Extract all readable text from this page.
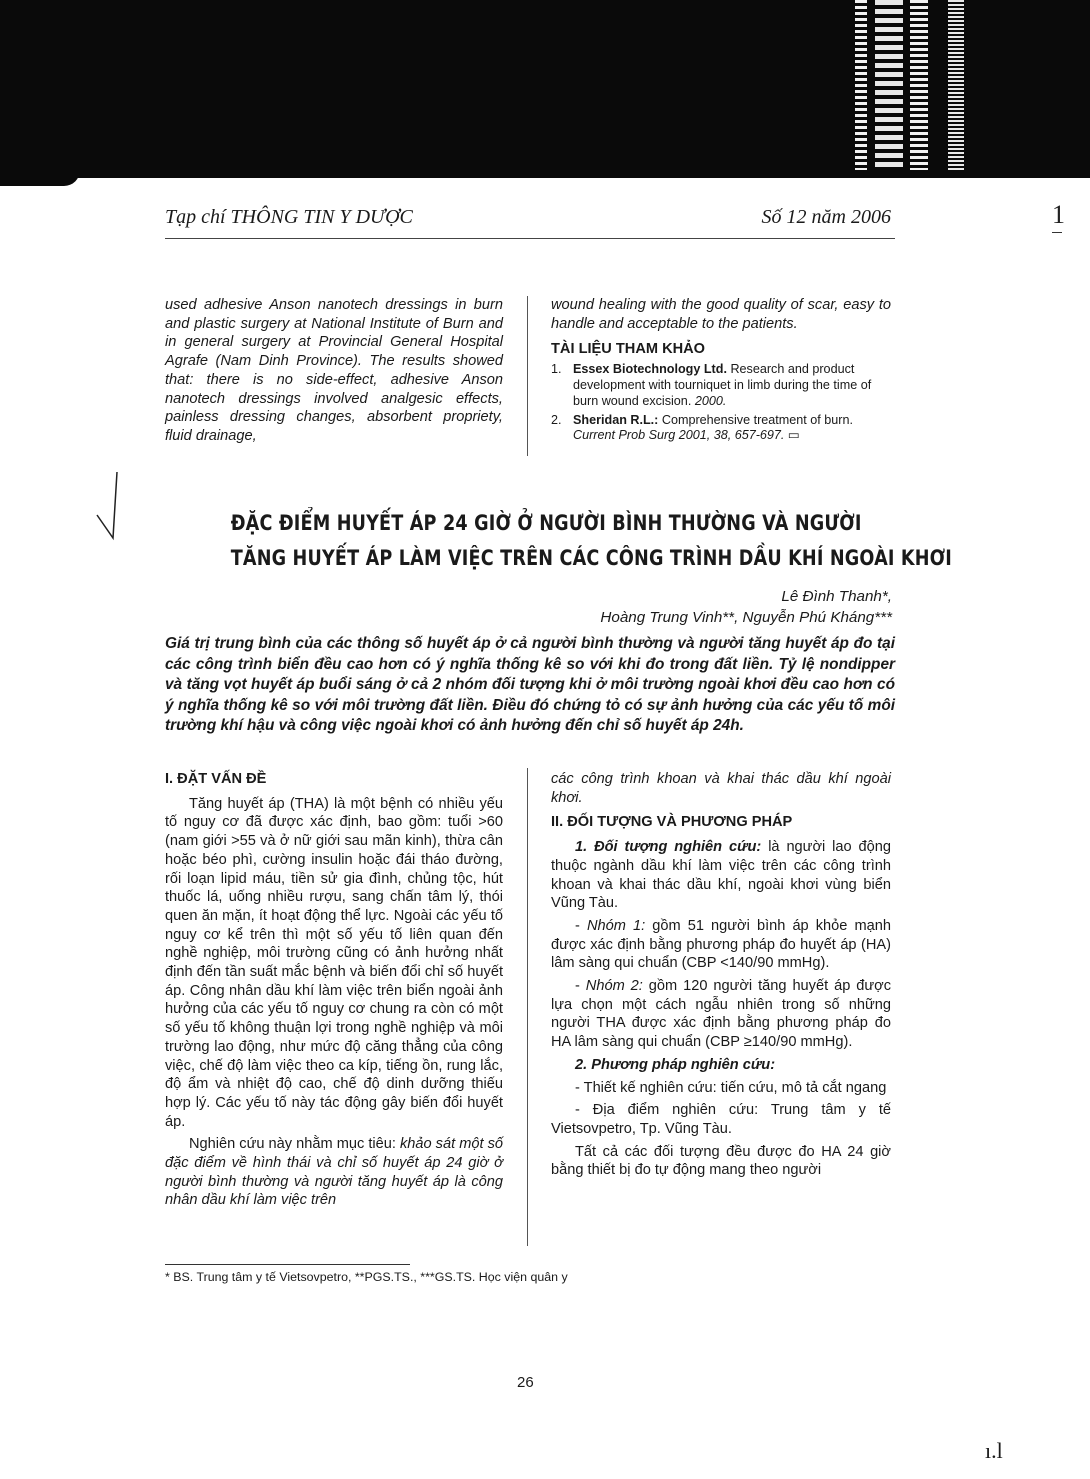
Tạp chí THÔNG TIN Y DƯỢC	Số 12 năm 2006	1

used adhesive Anson nanotech dressings in burn and plastic surgery at National Institute of Burn and in general surgery at Provincial General Hospital Agrafe (Nam Dinh Province). The results showed that: there is no side-effect, adhesive Anson nanotech dressings involved analgesic effects, painless dressing changes, absorbent propriety, fluid drainage,

wound healing with the good quality of scar, easy to handle and acceptable to the patients.

TÀI LIỆU THAM KHẢO

1. Essex Biotechnology Ltd. Research and product development with tourniquet in limb during the time of burn wound excision. 2000.

2. Sheridan R.L.: Comprehensive treatment of burn. Current Prob Surg 2001, 38, 657-697. ▭

ĐẶC ĐIỂM HUYẾT ÁP 24 GIỜ Ở NGƯỜI BÌNH THƯỜNG VÀ NGƯỜI
TĂNG HUYẾT ÁP LÀM VIỆC TRÊN CÁC CÔNG TRÌNH DẦU KHÍ NGOÀI KHƠI
Lê Đình Thanh*,
Hoàng Trung Vinh**, Nguyễn Phú Kháng***
Giá trị trung bình của các thông số huyết áp ở cả người bình thường và người tăng huyết áp đo tại các công trình biển đều cao hơn có ý nghĩa thống kê so với khi đo trong đất liền. Tỷ lệ nondipper và tăng vọt huyết áp buổi sáng ở cả 2 nhóm đối tượng khi ở môi trường ngoài khơi đều cao hơn có ý nghĩa thống kê so với môi trường đất liền. Điều đó chứng tỏ có sự ảnh hưởng của các yếu tố môi trường khí hậu và công việc ngoài khơi có ảnh hưởng đến chỉ số huyết áp 24h.

I. ĐẶT VẤN ĐỀ

Tăng huyết áp (THA) là một bệnh có nhiều yếu tố nguy cơ đã được xác định, bao gồm: tuổi >60 (nam giới >55 và ở nữ giới sau mãn kinh), thừa cân hoặc béo phì, cường insulin hoặc đái tháo đường, rối loạn lipid máu, tiền sử gia đình, chủng tộc, hút thuốc lá, uống nhiều rượu, sang chấn tâm lý, thói quen ăn mặn, ít hoạt động thể lực. Ngoài các yếu tố nguy cơ kể trên thì một số yếu tố liên quan đến nghề nghiệp, môi trường cũng có ảnh hưởng nhất định đến tần suất mắc bệnh và biến đổi chỉ số huyết áp. Công nhân dầu khí làm việc trên biển ngoài ảnh hưởng của các yếu tố nguy cơ chung ra còn có một số yếu tố không thuận lợi trong nghề nghiệp và môi trường lao động, như mức độ căng thẳng của công việc, chế độ làm việc theo ca kíp, tiếng ồn, rung lắc, độ ẩm và nhiệt độ cao, chế độ dinh dưỡng thiếu hợp lý. Các yếu tố này tác động gây biến đổi huyết áp.

Nghiên cứu này nhằm mục tiêu: khảo sát một số đặc điểm về hình thái và chỉ số huyết áp 24 giờ ở người bình thường và người tăng huyết áp là công nhân dầu khí làm việc trên

các công trình khoan và khai thác dầu khí ngoài khơi.

II. ĐỐI TƯỢNG VÀ PHƯƠNG PHÁP

1. Đối tượng nghiên cứu: là người lao động thuộc ngành dầu khí làm việc trên các công trình khoan và khai thác dầu khí, ngoài khơi vùng biển Vũng Tàu.

- Nhóm 1: gồm 51 người bình áp khỏe mạnh được xác định bằng phương pháp đo huyết áp (HA) lâm sàng qui chuẩn (CBP <140/90 mmHg).

- Nhóm 2: gồm 120 người tăng huyết áp được lựa chọn một cách ngẫu nhiên trong số những người THA được xác định bằng phương pháp đo HA lâm sàng qui chuẩn (CBP ≥140/90 mmHg).

2. Phương pháp nghiên cứu:

- Thiết kế nghiên cứu: tiến cứu, mô tả cắt ngang

- Địa điểm nghiên cứu: Trung tâm y tế Vietsovpetro, Tp. Vũng Tàu.

Tất cả các đối tượng đều được đo HA 24 giờ bằng thiết bị đo tự động mang theo người

* BS. Trung tâm y tế Vietsovpetro, **PGS.TS., ***GS.TS. Học viện quân y
26
ı.l
